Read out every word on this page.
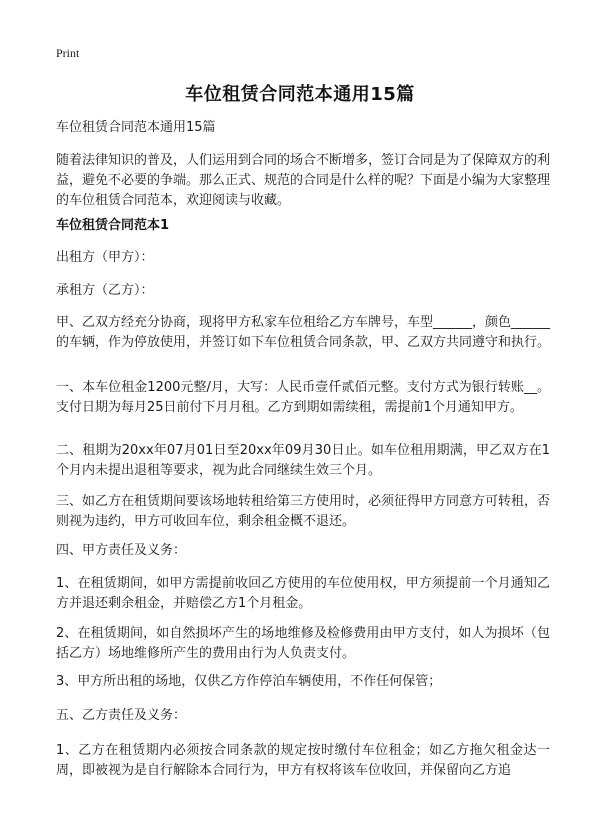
Print
车位租赁合同范本通用15篇
车位租赁合同范本通用15篇
随着法律知识的普及，人们运用到合同的场合不断增多，签订合同是为了保障双方的利益，避免不必要的争端。那么正式、规范的合同是什么样的呢？下面是小编为大家整理的车位租赁合同范本，欢迎阅读与收藏。
车位租赁合同范本1
出租方（甲方）：
承租方（乙方）：
甲、乙双方经充分协商，现将甲方私家车位租给乙方车牌号，车型______，颜色______的车辆，作为停放使用，并签订如下车位租赁合同条款，甲、乙双方共同遵守和执行。
一、本车位租金1200元整/月，大写：人民币壹仟贰佰元整。支付方式为银行转账__。支付日期为每月25日前付下月月租。乙方到期如需续租，需提前1个月通知甲方。
二、租期为20xx年07月01日至20xx年09月30日止。如车位租用期满，甲乙双方在1个月内未提出退租等要求，视为此合同继续生效三个月。
三、如乙方在租赁期间要该场地转租给第三方使用时，必须征得甲方同意方可转租，否则视为违约，甲方可收回车位，剩余租金概不退还。
四、甲方责任及义务：
1、在租赁期间，如甲方需提前收回乙方使用的车位使用权，甲方须提前一个月通知乙方并退还剩余租金，并赔偿乙方1个月租金。
2、在租赁期间，如自然损坏产生的场地维修及检修费用由甲方支付，如人为损坏（包括乙方）场地维修所产生的费用由行为人负责支付。
3、甲方所出租的场地，仅供乙方作停泊车辆使用，不作任何保管；
五、乙方责任及义务：
1、乙方在租赁期内必须按合同条款的规定按时缴付车位租金；如乙方拖欠租金达一周，即被视为是自行解除本合同行为，甲方有权将该车位收回，并保留向乙方追
